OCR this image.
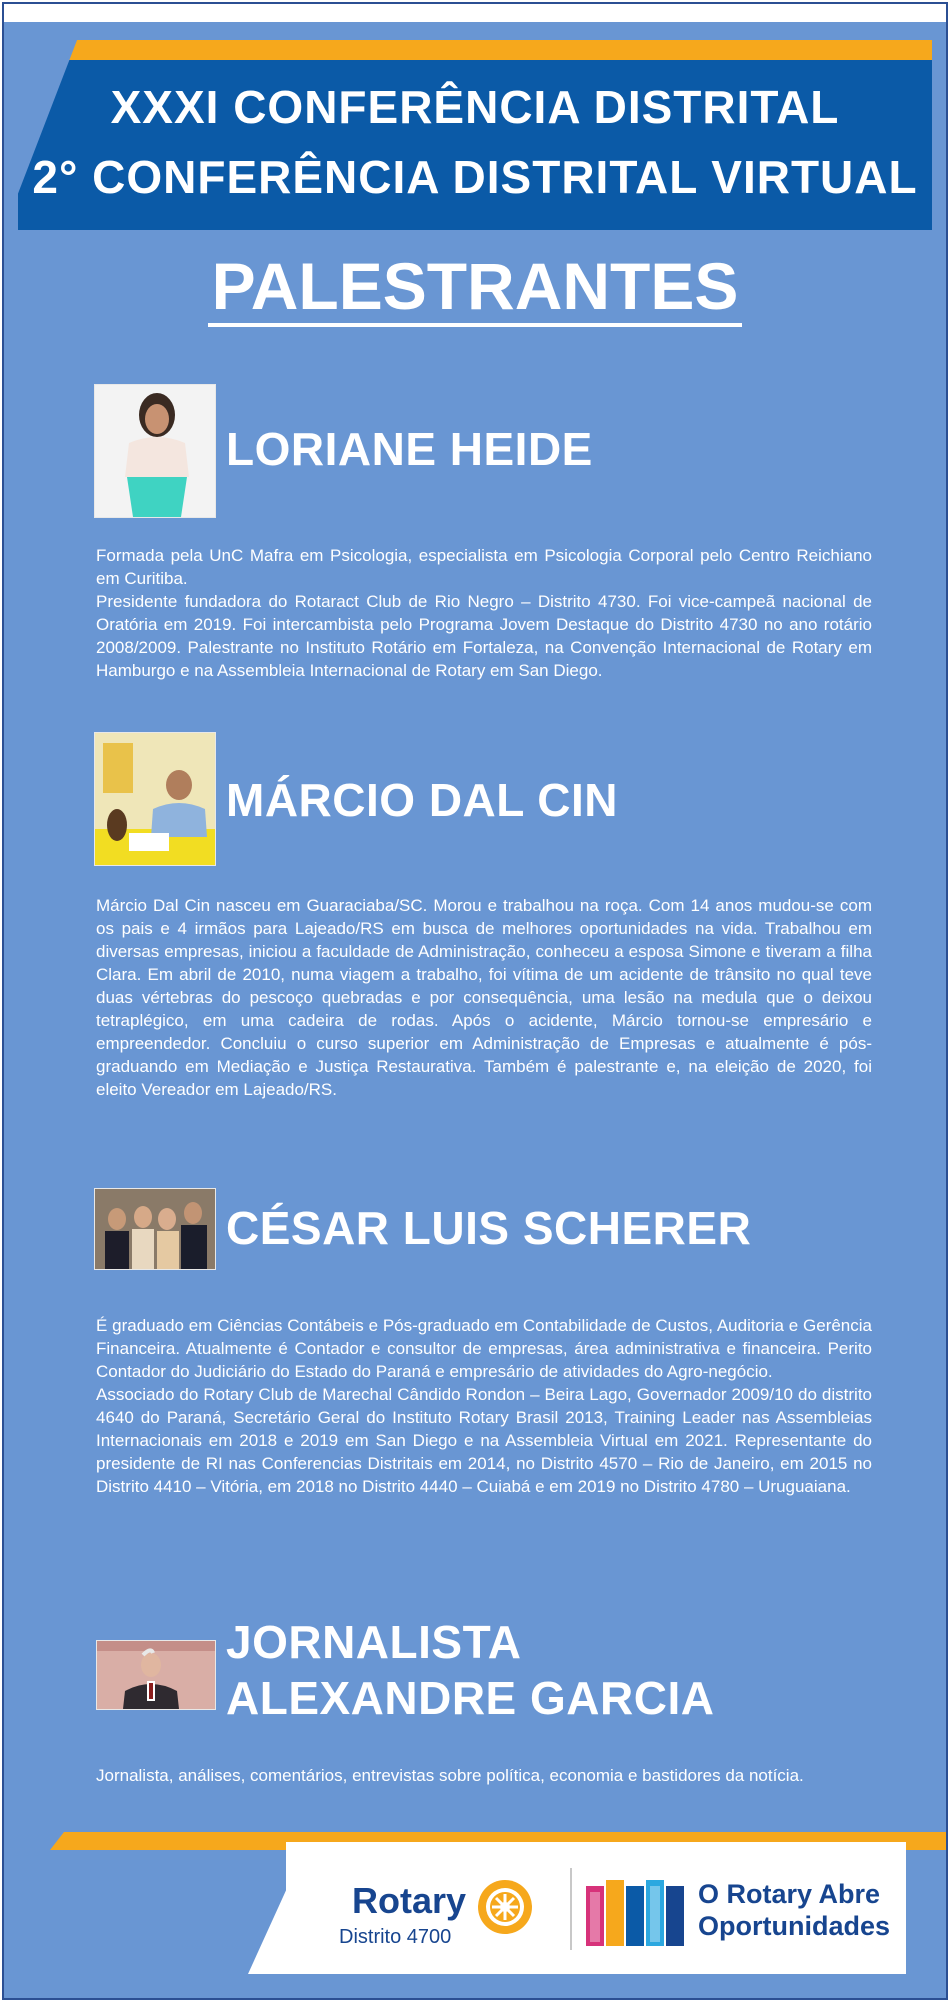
XXXI CONFERÊNCIA DISTRITAL
2° CONFERÊNCIA DISTRITAL VIRTUAL
PALESTRANTES
LORIANE HEIDE

Formada pela UnC Mafra em Psicologia, especialista em Psicologia Corporal pelo Centro Reichiano em Curitiba.

Presidente fundadora do Rotaract Club de Rio Negro – Distrito 4730. Foi vice-campeã nacional de Oratória em 2019. Foi intercambista pelo Programa Jovem Destaque do Distrito 4730 no ano rotário 2008/2009. Palestrante no Instituto Rotário em Fortaleza, na Convenção Internacional de Rotary em Hamburgo e na Assembleia Internacional de Rotary em San Diego.

MÁRCIO DAL CIN

Márcio Dal Cin nasceu em Guaraciaba/SC. Morou e trabalhou na roça. Com 14 anos mudou-se com os pais e 4 irmãos para Lajeado/RS em busca de melhores oportunidades na vida. Trabalhou em diversas empresas, iniciou a faculdade de Administração, conheceu a esposa Simone e tiveram a filha Clara. Em abril de 2010, numa viagem a trabalho, foi vítima de um acidente de trânsito no qual teve duas vértebras do pescoço quebradas e por consequência, uma lesão na medula que o deixou tetraplégico, em uma cadeira de rodas. Após o acidente, Márcio tornou-se empresário e empreendedor. Concluiu o curso superior em Administração de Empresas e atualmente é pós-graduando em Mediação e Justiça Restaurativa. Também é palestrante e, na eleição de 2020, foi eleito Vereador em Lajeado/RS.

CÉSAR LUIS SCHERER

É graduado em Ciências Contábeis e Pós-graduado em Contabilidade de Custos, Auditoria e Gerência Financeira. Atualmente é Contador e consultor de empresas, área administrativa e financeira. Perito Contador do Judiciário do Estado do Paraná e empresário de atividades do Agro-negócio.

Associado do Rotary Club de Marechal Cândido Rondon – Beira Lago, Governador 2009/10 do distrito 4640 do Paraná, Secretário Geral do Instituto Rotary Brasil 2013, Training Leader nas Assembleias Internacionais em 2018 e 2019 em San Diego e na Assembleia Virtual em 2021. Representante do presidente de RI nas Conferencias Distritais em 2014, no Distrito 4570 – Rio de Janeiro, em 2015 no Distrito 4410 – Vitória, em 2018 no Distrito 4440 – Cuiabá e em 2019 no Distrito 4780 – Uruguaiana.

JORNALISTA
ALEXANDRE GARCIA

Jornalista, análises, comentários, entrevistas sobre política, economia e bastidores da notícia.

Rotary
Distrito 4700
O Rotary Abre
Oportunidades
